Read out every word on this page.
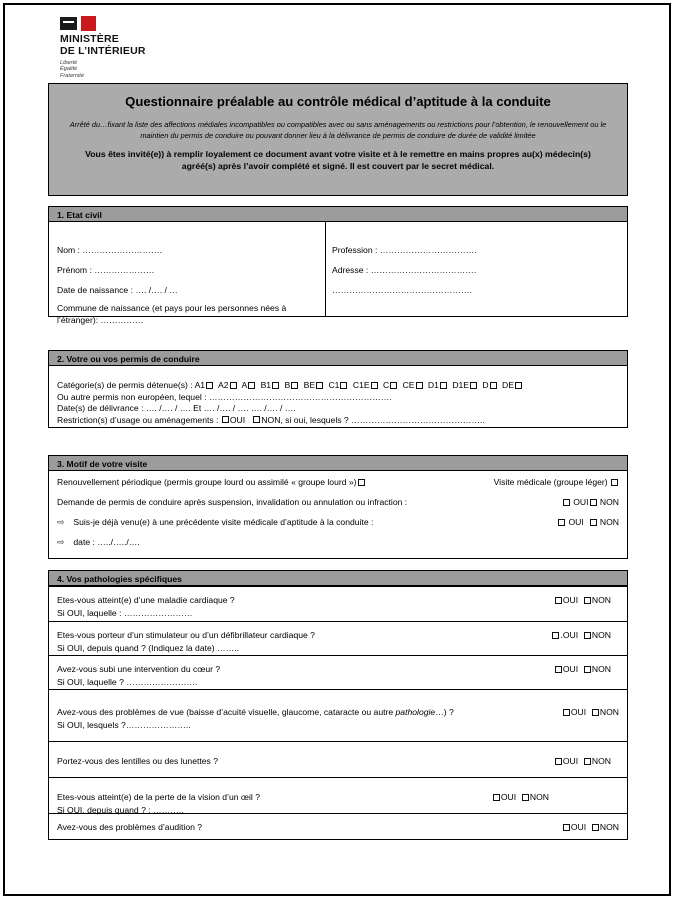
MINISTÈRE
DE L’INTÉRIEUR
Liberté
Égalité
Fraternité
Questionnaire préalable au contrôle médical d’aptitude à la conduite
Arrêté du…fixant la liste des affections médiales incompatibles ou compatibles avec ou sans aménagements ou restrictions pour l’obtention, le renouvellement ou le maintien du permis de conduire ou pouvant donner lieu à la délivrance de permis de conduire de durée de validité limitée
Vous êtes invité(e)) à remplir loyalement ce document avant votre visite et à le remettre en mains propres au(x) médecin(s) agréé(s) après l’avoir complété et signé. Il est couvert par le secret médical.
1. Etat civil
Nom : ……………………….
Prénom : …………………
Date de naissance : …. /…. / …
Commune de naissance (et pays pour les personnes nées à l’étranger): ……………
Profession : …………………………….
Adresse : ……………………………….
………………………………………….
2. Votre ou vos permis de conduire
Catégorie(s) de permis détenue(s) : A1 A2 A B1 B BE C1 C1E C CE D1 D1E D DE
Ou autre permis non européen, lequel : ……………………………………………………….
Date(s) de délivrance : …. /…. / …. Et …. /…. / …. …. /…. / ….
Restriction(s) d’usage ou aménagements : OUI NON, si oui, lesquels ? ………………………………………..
3. Motif de votre visite
Renouvellement périodique (permis groupe lourd ou assimilé « groupe lourd »)	Visite médicale (groupe léger)
Demande de permis de conduire après suspension, invalidation ou annulation ou infraction :	OUI NON
⇨ Suis-je déjà venu(e) à une précédente visite médicale d’aptitude à la conduite :	OUI NON
⇨ date : …../…../….
4. Vos pathologies spécifiques
Etes-vous atteint(e) d’une maladie cardiaque ?
Si OUI, laquelle : ……………………
OUI NON
Etes-vous porteur d’un stimulateur ou d’un défibrillateur cardiaque ?
Si OUI, depuis quand ? (Indiquez la date) ……..
.OUI NON
Avez-vous subi une intervention du cœur ?
Si OUI, laquelle ? …………………….
OUI NON
Avez-vous des problèmes de vue (baisse d’acuité visuelle, glaucome, cataracte ou autre pathologie…) ?
Si OUI, lesquels ?…………………..
OUI NON
Portez-vous des lentilles ou des lunettes ?	OUI NON
Etes-vous atteint(e) de la perte de la vision d’un œil ?
Si OUI, depuis quand ? : ………..
OUI NON
Avez-vous des problèmes d’audition ?	OUI NON
